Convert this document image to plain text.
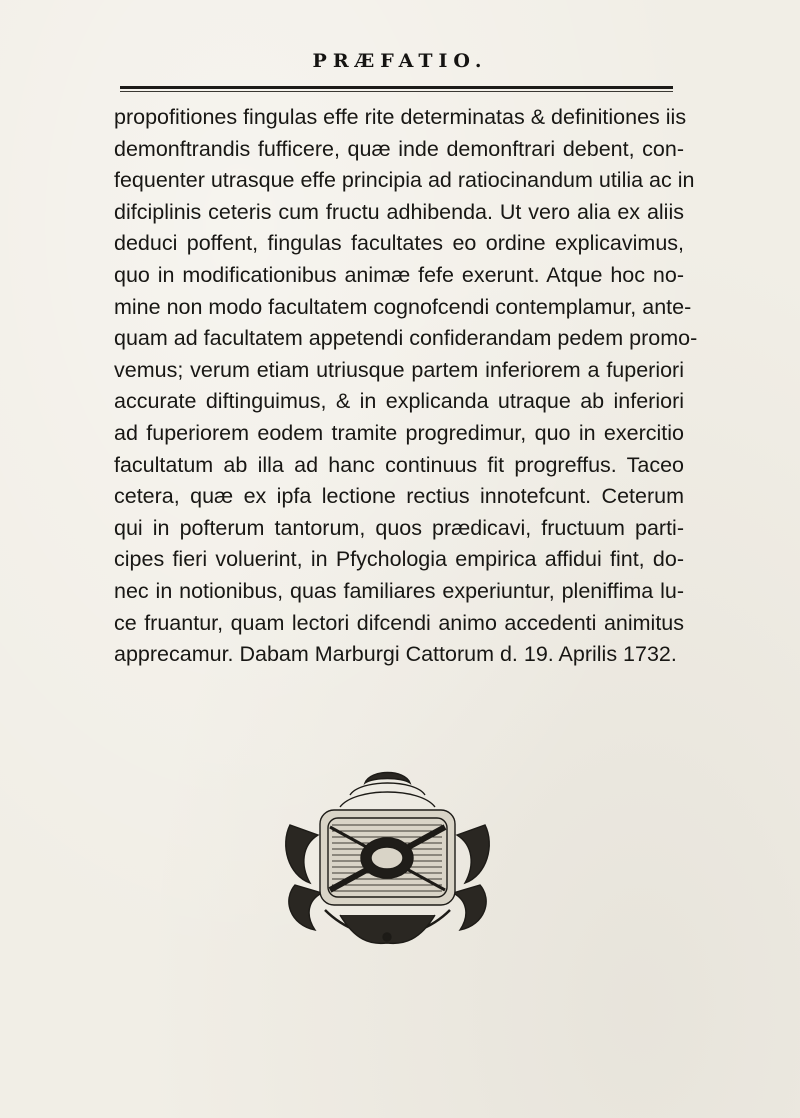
PRÆFATIO.
propofitiones fingulas effe rite determinatas & definitiones iis
demonftrandis fufficere, quæ inde demonftrari debent, con-
fequenter utrasque effe principia ad ratiocinandum utilia ac in
difciplinis ceteris cum fructu adhibenda. Ut vero alia ex aliis
deduci poffent, fingulas facultates eo ordine explicavimus,
quo in modificationibus animæ fefe exerunt. Atque hoc no-
mine non modo facultatem cognofcendi contemplamur, ante-
quam ad facultatem appetendi confiderandam pedem promo-
vemus; verum etiam utriusque partem inferiorem a fuperiori
accurate diftinguimus, & in explicanda utraque ab inferiori
ad fuperiorem eodem tramite progredimur, quo in exercitio
facultatum ab illa ad hanc continuus fit progreffus. Taceo
cetera, quæ ex ipfa lectione rectius innotefcunt. Ceterum
qui in pofterum tantorum, quos prædicavi, fructuum parti-
cipes fieri voluerint, in Pfychologia empirica affidui fint, do-
nec in notionibus, quas familiares experiuntur, pleniffima lu-
ce fruantur, quam lectori difcendi animo accedenti animitus
apprecamur. Dabam Marburgi Cattorum d. 19. Aprilis 1732.
